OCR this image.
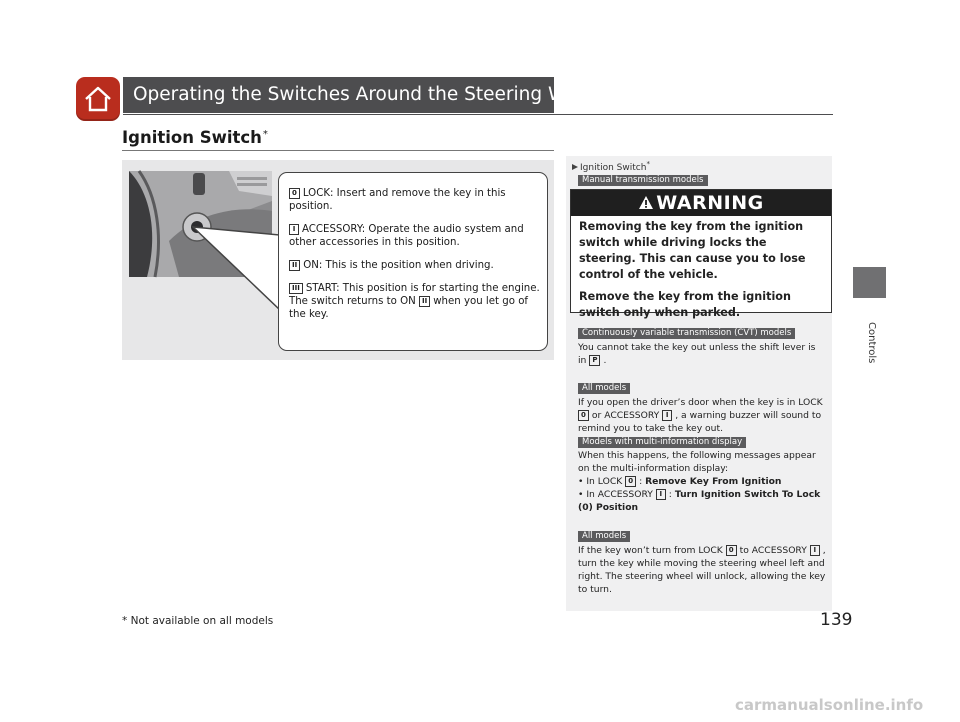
Operating the Switches Around the Steering Wheel
Ignition Switch*
Controls

0 LOCK: Insert and remove the key in this position.

I ACCESSORY: Operate the audio system and other accessories in this position.

II ON: This is the position when driving.

III START: This position is for starting the engine. The switch returns to ON II when you let go of the key.

Ignition Switch*
Manual transmission models
WARNING

Removing the key from the ignition switch while driving locks the steering. This can cause you to lose control of the vehicle.

Remove the key from the ignition switch only when parked.

Continuously variable transmission (CVT) models
You cannot take the key out unless the shift lever is in P .
All models
If you open the driver’s door when the key is in LOCK 0 or ACCESSORY I , a warning buzzer will sound to remind you to take the key out.
Models with multi-information display
When this happens, the following messages appear on the multi-information display:
• In LOCK 0 : Remove Key From Ignition
• In ACCESSORY I : Turn Ignition Switch To Lock (0) Position
All models
If the key won’t turn from LOCK 0 to ACCESSORY I , turn the key while moving the steering wheel left and right. The steering wheel will unlock, allowing the key to turn.
* Not available on all models	139
carmanualsonline.info
